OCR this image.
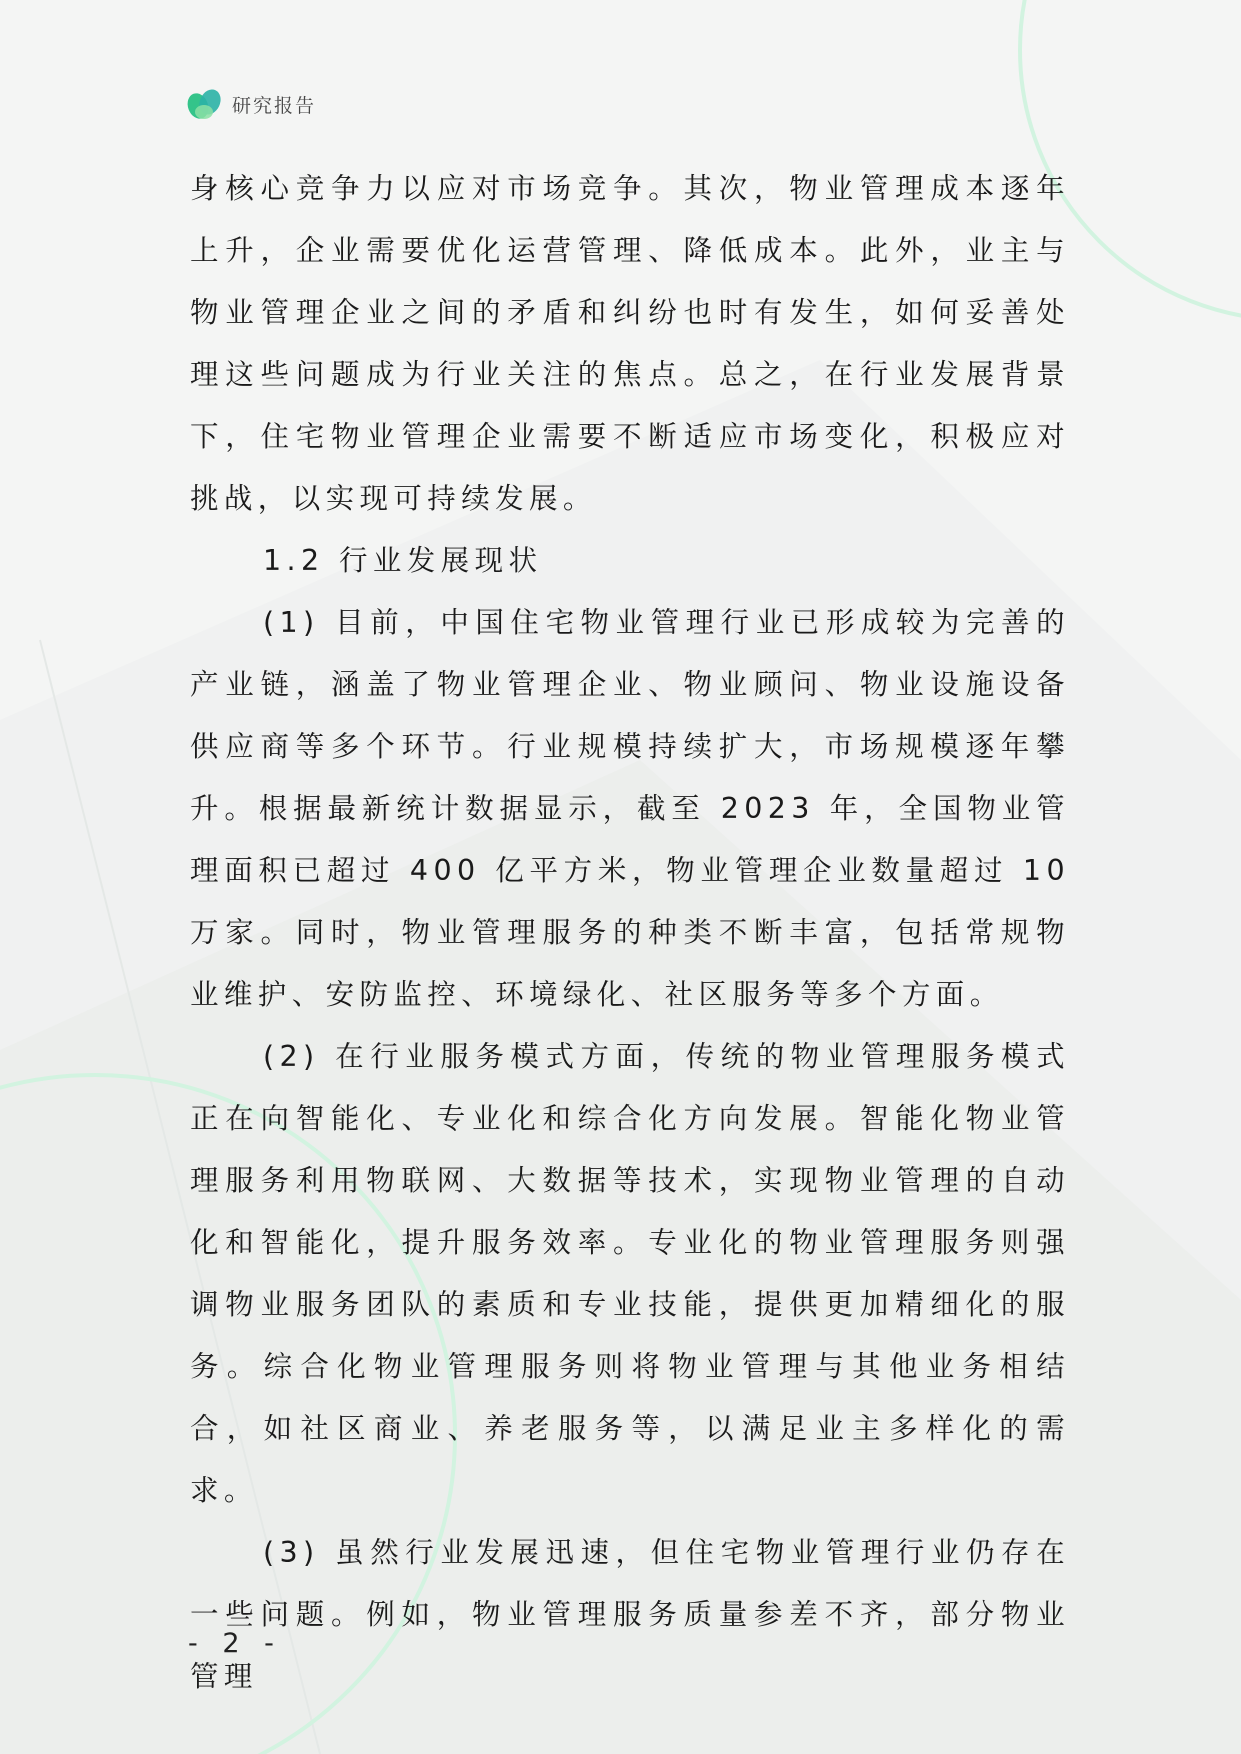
研究报告

身核心竞争力以应对市场竞争。其次，物业管理成本逐年上升，企业需要优化运营管理、降低成本。此外，业主与物业管理企业之间的矛盾和纠纷也时有发生，如何妥善处理这些问题成为行业关注的焦点。总之，在行业发展背景下，住宅物业管理企业需要不断适应市场变化，积极应对挑战，以实现可持续发展。

1.2 行业发展现状

(1) 目前，中国住宅物业管理行业已形成较为完善的产业链，涵盖了物业管理企业、物业顾问、物业设施设备供应商等多个环节。行业规模持续扩大，市场规模逐年攀升。根据最新统计数据显示，截至 2023 年，全国物业管理面积已超过 400 亿平方米，物业管理企业数量超过 10 万家。同时，物业管理服务的种类不断丰富，包括常规物业维护、安防监控、环境绿化、社区服务等多个方面。

(2) 在行业服务模式方面，传统的物业管理服务模式正在向智能化、专业化和综合化方向发展。智能化物业管理服务利用物联网、大数据等技术，实现物业管理的自动化和智能化，提升服务效率。专业化的物业管理服务则强调物业服务团队的素质和专业技能，提供更加精细化的服务。综合化物业管理服务则将物业管理与其他业务相结合，如社区商业、养老服务等，以满足业主多样化的需求。

(3) 虽然行业发展迅速，但住宅物业管理行业仍存在一些问题。例如，物业管理服务质量参差不齐，部分物业管理

- 2 -
